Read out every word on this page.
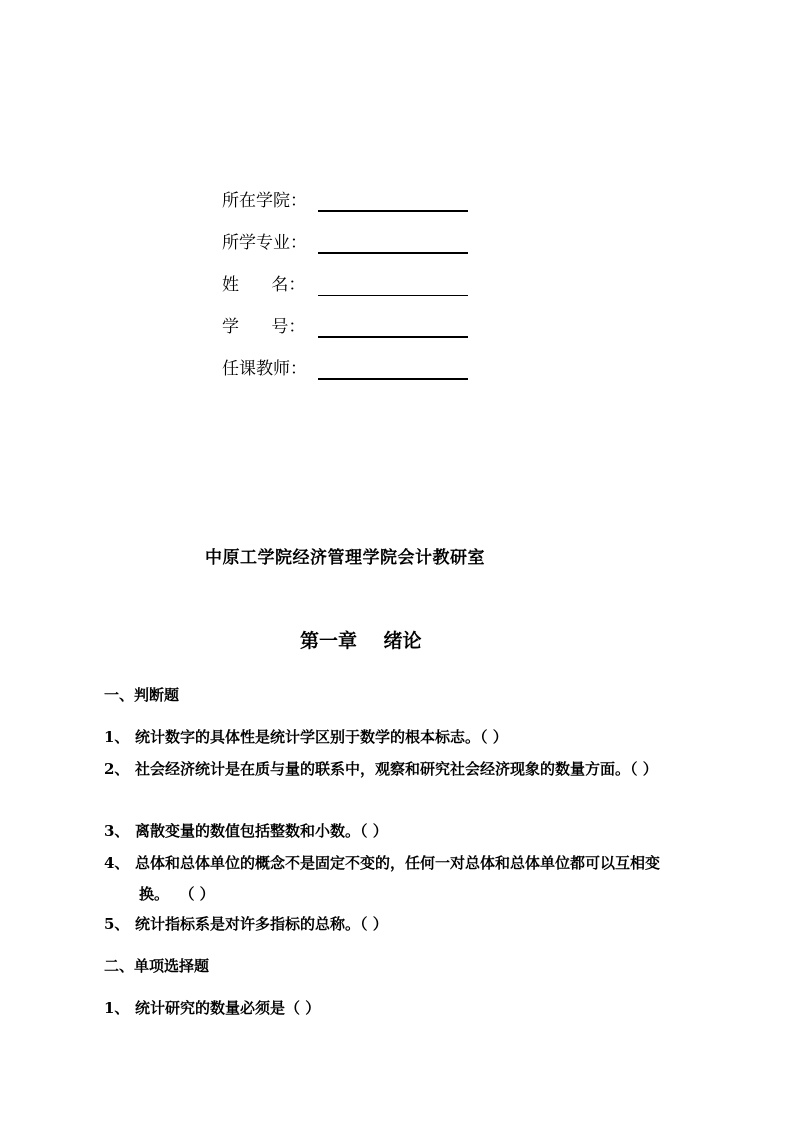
所在学院：
所学专业：
姓      名：
学      号：
任课教师：
中原工学院经济管理学院会计教研室
第一章    绪论
一、判断题
1、 统计数字的具体性是统计学区别于数学的根本标志。（ ）
2、 社会经济统计是在质与量的联系中，观察和研究社会经济现象的数量方面。（ ）
3、 离散变量的数值包括整数和小数。（ ）
4、 总体和总体单位的概念不是固定不变的，任何一对总体和总体单位都可以互相变
换。  （ ）
5、 统计指标系是对许多指标的总称。（ ）
二、单项选择题
1、 统计研究的数量必须是（ ）
